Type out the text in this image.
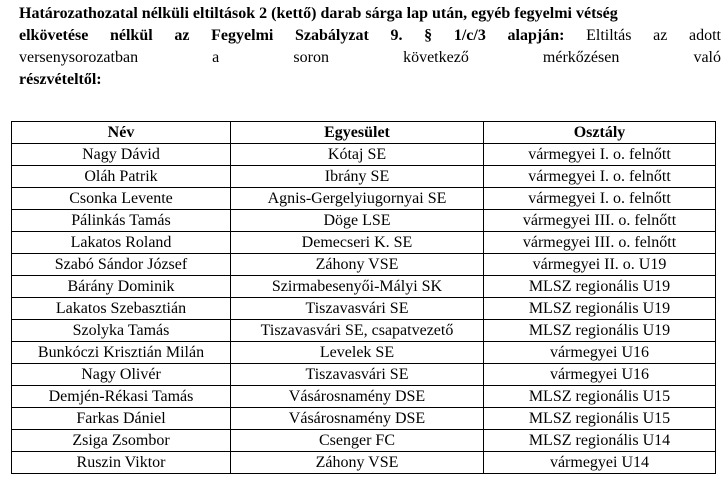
Határozathozatal nélküli eltiltások 2 (kettő) darab sárga lap után, egyéb fegyelmi vétség
elkövetése nélkül az Fegyelmi Szabályzat 9. § 1/c/3 alapján: Eltiltás az adott
versenysorozatban a soron következő mérkőzésen való
részvételtől:
Név	Egyesület	Osztály
Nagy Dávid	Kótaj SE	vármegyei I. o. felnőtt
Oláh Patrik	Ibrány SE	vármegyei I. o. felnőtt
Csonka Levente	Agnis-Gergelyiugornyai SE	vármegyei I. o. felnőtt
Pálinkás Tamás	Döge LSE	vármegyei III. o. felnőtt
Lakatos Roland	Demecseri K. SE	vármegyei III. o. felnőtt
Szabó Sándor József	Záhony VSE	vármegyei II. o. U19
Bárány Dominik	Szirmabesenyői-Mályi SK	MLSZ regionális U19
Lakatos Szebasztián	Tiszavasvári SE	MLSZ regionális U19
Szolyka Tamás	Tiszavasvári SE, csapatvezető	MLSZ regionális U19
Bunkóczi Krisztián Milán	Levelek SE	vármegyei U16
Nagy Olivér	Tiszavasvári SE	vármegyei U16
Demjén-Rékasi Tamás	Vásárosnamény DSE	MLSZ regionális U15
Farkas Dániel	Vásárosnamény DSE	MLSZ regionális U15
Zsiga Zsombor	Csenger FC	MLSZ regionális U14
Ruszin Viktor	Záhony VSE	vármegyei U14
